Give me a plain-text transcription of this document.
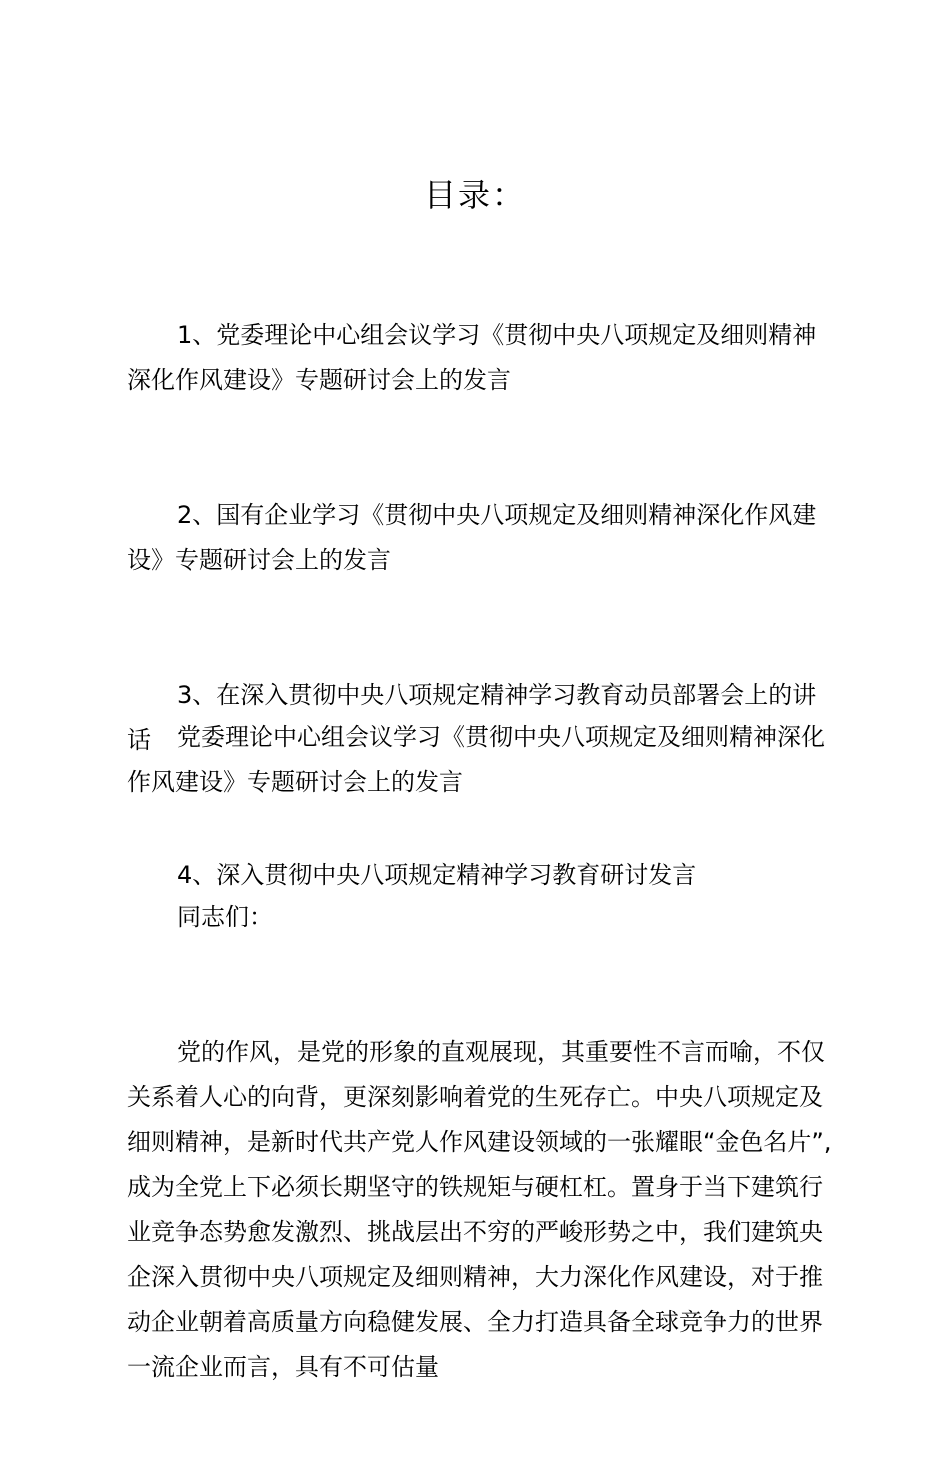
目录：

1、党委理论中心组会议学习《贯彻中央八项规定及细则精神深化作风建设》专题研讨会上的发言

2、国有企业学习《贯彻中央八项规定及细则精神深化作风建设》专题研讨会上的发言

3、在深入贯彻中央八项规定精神学习教育动员部署会上的讲话

4、深入贯彻中央八项规定精神学习教育研讨发言

党委理论中心组会议学习《贯彻中央八项规定及细则精神深化作风建设》专题研讨会上的发言

同志们：

党的作风，是党的形象的直观展现，其重要性不言而喻，不仅关系着人心的向背，更深刻影响着党的生死存亡。中央八项规定及细则精神，是新时代共产党人作风建设领域的一张耀眼“金色名片”,成为全党上下必须长期坚守的铁规矩与硬杠杠。置身于当下建筑行业竞争态势愈发激烈、挑战层出不穷的严峻形势之中，我们建筑央企深入贯彻中央八项规定及细则精神，大力深化作风建设，对于推动企业朝着高质量方向稳健发展、全力打造具备全球竞争力的世界一流企业而言，具有不可估量
